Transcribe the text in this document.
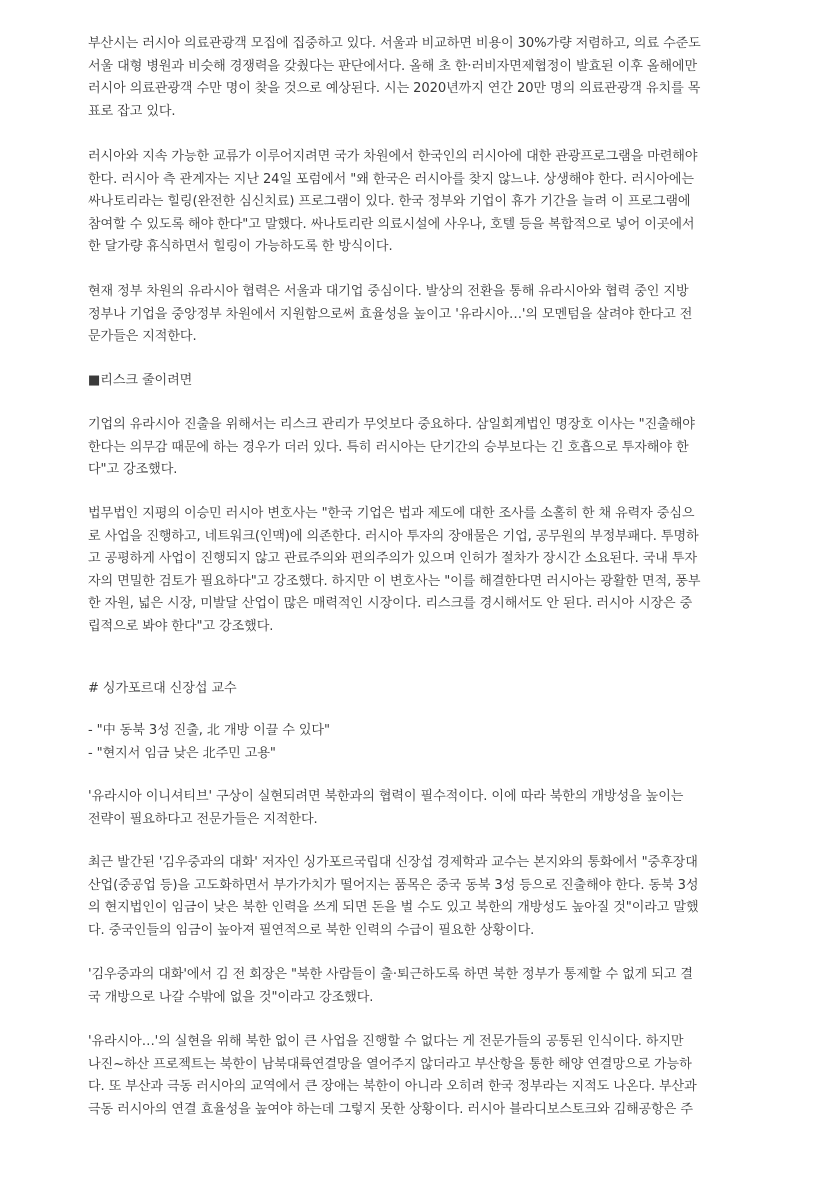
부산시는 러시아 의료관광객 모집에 집중하고 있다. 서울과 비교하면 비용이 30%가량 저렴하고, 의료 수준도
서울 대형 병원과 비슷해 경쟁력을 갖췄다는 판단에서다. 올해 초 한·러비자면제협정이 발효된 이후 올해에만
러시아 의료관광객 수만 명이 찾을 것으로 예상된다. 시는 2020년까지 연간 20만 명의 의료관광객 유치를 목
표로 잡고 있다.
러시아와 지속 가능한 교류가 이루어지려면 국가 차원에서 한국인의 러시아에 대한 관광프로그램을 마련해야
한다. 러시아 측 관계자는 지난 24일 포럼에서 "왜 한국은 러시아를 찾지 않느냐. 상생해야 한다. 러시아에는
싸나토리라는 힐링(완전한 심신치료) 프로그램이 있다. 한국 정부와 기업이 휴가 기간을 늘려 이 프로그램에
참여할 수 있도록 해야 한다"고 말했다. 싸나토리란 의료시설에 사우나, 호텔 등을 복합적으로 넣어 이곳에서
한 달가량 휴식하면서 힐링이 가능하도록 한 방식이다.
현재 정부 차원의 유라시아 협력은 서울과 대기업 중심이다. 발상의 전환을 통해 유라시아와 협력 중인 지방
정부나 기업을 중앙정부 차원에서 지원함으로써 효율성을 높이고 '유라시아…'의 모멘텀을 살려야 한다고 전
문가들은 지적한다.
■리스크 줄이려면
기업의 유라시아 진출을 위해서는 리스크 관리가 무엇보다 중요하다. 삼일회계법인 명장호 이사는 "진출해야
한다는 의무감 때문에 하는 경우가 더러 있다. 특히 러시아는 단기간의 승부보다는 긴 호흡으로 투자해야 한
다"고 강조했다.
법무법인 지평의 이승민 러시아 변호사는 "한국 기업은 법과 제도에 대한 조사를 소홀히 한 채 유력자 중심으
로 사업을 진행하고, 네트워크(인맥)에 의존한다. 러시아 투자의 장애물은 기업, 공무원의 부정부패다. 투명하
고 공평하게 사업이 진행되지 않고 관료주의와 편의주의가 있으며 인허가 절차가 장시간 소요된다. 국내 투자
자의 면밀한 검토가 필요하다"고 강조했다. 하지만 이 변호사는 "이를 해결한다면 러시아는 광활한 면적, 풍부
한 자원, 넓은 시장, 미발달 산업이 많은 매력적인 시장이다. 리스크를 경시해서도 안 된다. 러시아 시장은 중
립적으로 봐야 한다"고 강조했다.
# 싱가포르대 신장섭 교수
- "中 동북 3성 진출, 北 개방 이끌 수 있다"
- "현지서 임금 낮은 北주민 고용"
'유라시아 이니셔티브' 구상이 실현되려면 북한과의 협력이 필수적이다. 이에 따라 북한의 개방성을 높이는
전략이 필요하다고 전문가들은 지적한다.
최근 발간된 '김우중과의 대화' 저자인 싱가포르국립대 신장섭 경제학과 교수는 본지와의 통화에서 "중후장대
산업(중공업 등)을 고도화하면서 부가가치가 떨어지는 품목은 중국 동북 3성 등으로 진출해야 한다. 동북 3성
의 현지법인이 임금이 낮은 북한 인력을 쓰게 되면 돈을 벌 수도 있고 북한의 개방성도 높아질 것"이라고 말했
다. 중국인들의 임금이 높아져 필연적으로 북한 인력의 수급이 필요한 상황이다.
'김우중과의 대화'에서 김 전 회장은 "북한 사람들이 출·퇴근하도록 하면 북한 정부가 통제할 수 없게 되고 결
국 개방으로 나갈 수밖에 없을 것"이라고 강조했다.
'유라시아…'의 실현을 위해 북한 없이 큰 사업을 진행할 수 없다는 게 전문가들의 공통된 인식이다. 하지만
나진~하산 프로젝트는 북한이 남북대륙연결망을 열어주지 않더라고 부산항을 통한 해양 연결망으로 가능하
다. 또 부산과 극동 러시아의 교역에서 큰 장애는 북한이 아니라 오히려 한국 정부라는 지적도 나온다. 부산과
극동 러시아의 연결 효율성을 높여야 하는데 그렇지 못한 상황이다. 러시아 블라디보스토크와 김해공항은 주
